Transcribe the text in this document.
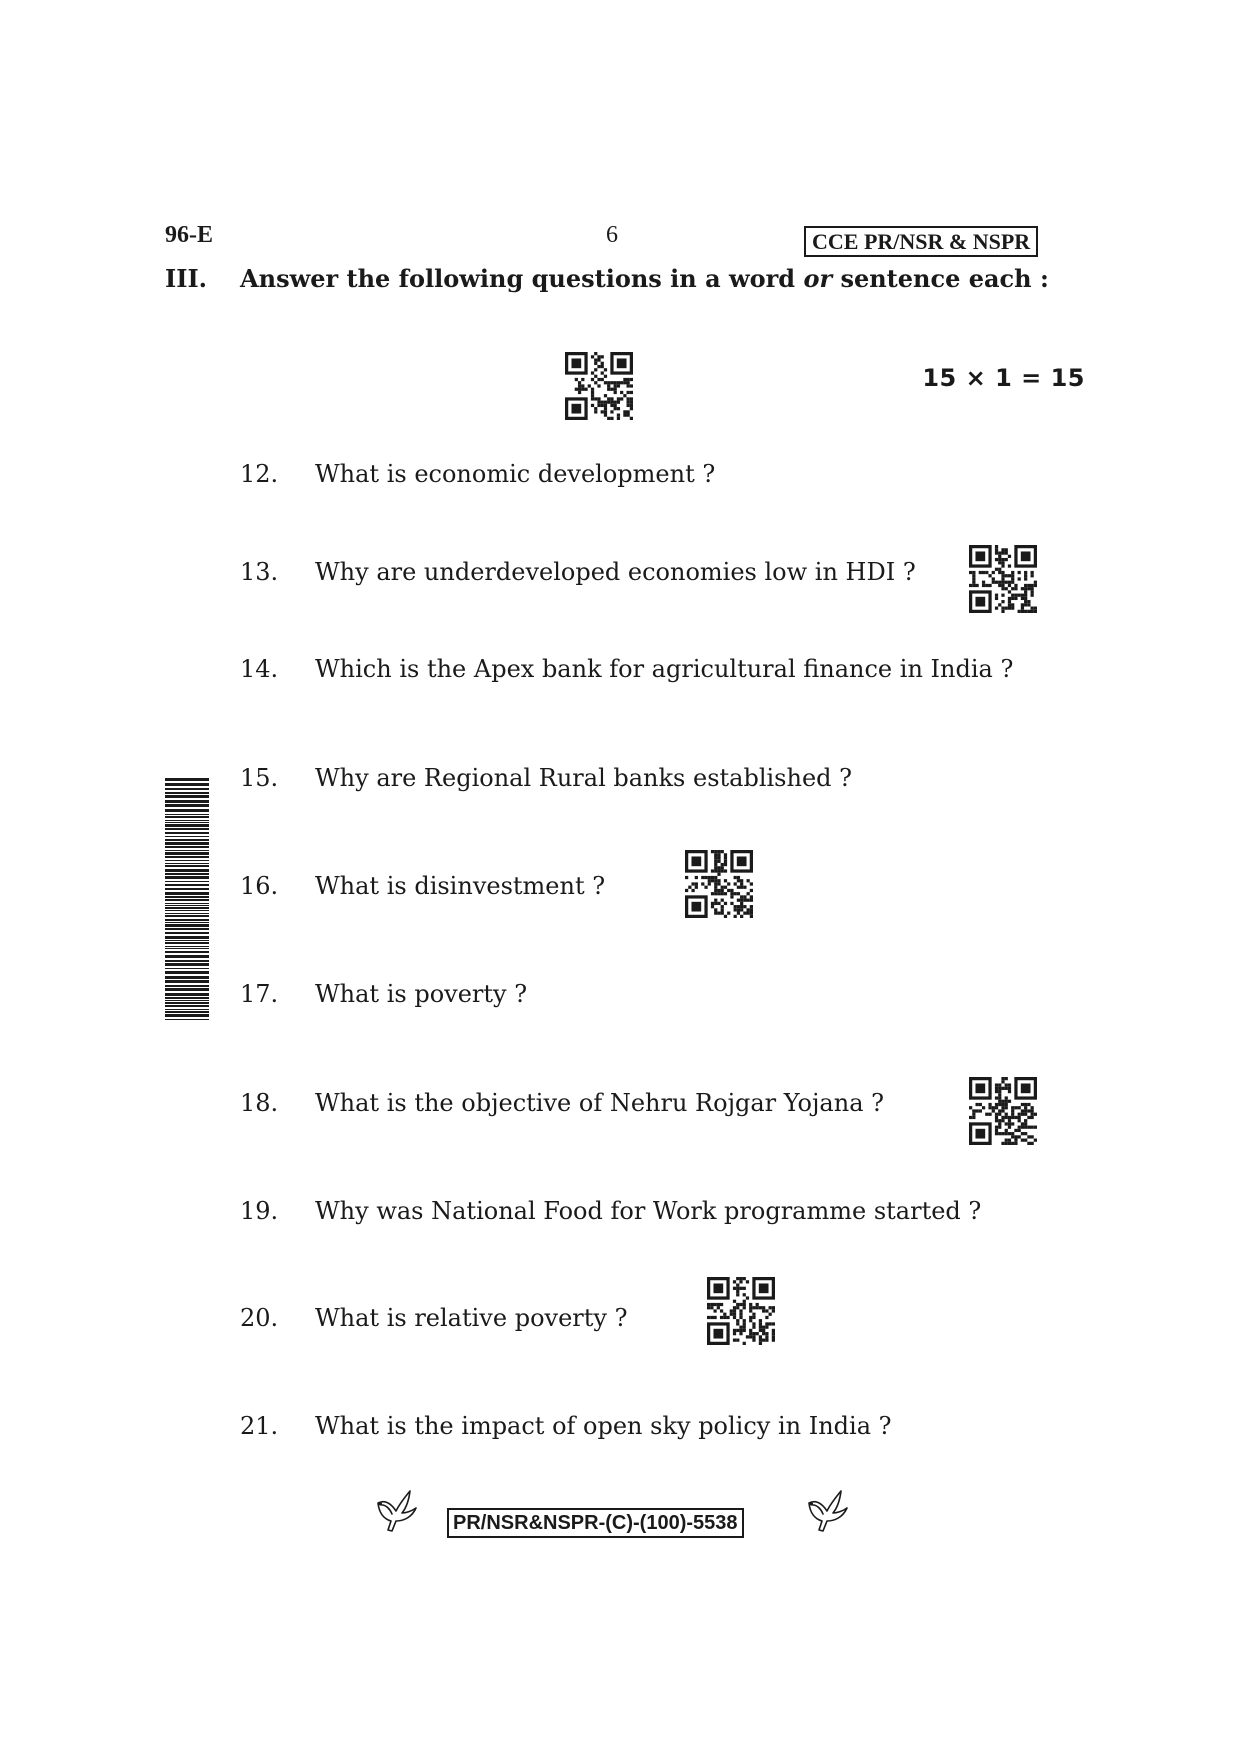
96-E	6	CCE PR/NSR & NSPR
III.	Answer the following questions in a word or sentence each :
15 × 1 = 15
12.	What is economic development ?
13.	Why are underdeveloped economies low in HDI ?
14.	Which is the Apex bank for agricultural finance in India ?
15.	Why are Regional Rural banks established ?
16.	What is disinvestment ?
17.	What is poverty ?
18.	What is the objective of Nehru Rojgar Yojana ?
19.	Why was National Food for Work programme started ?
20.	What is relative poverty ?
21.	What is the impact of open sky policy in India ?
PR/NSR&NSPR-(C)-(100)-5538
